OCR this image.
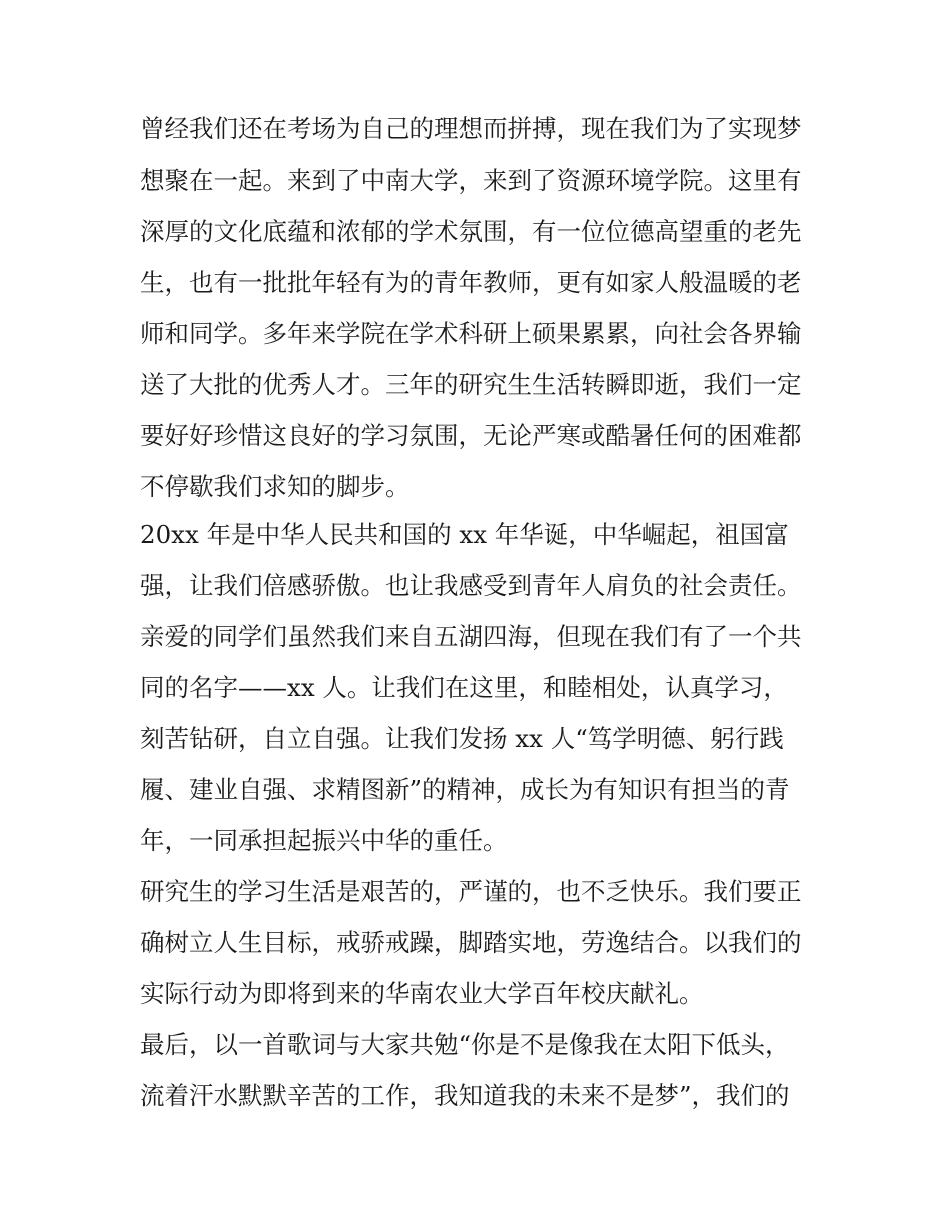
曾经我们还在考场为自己的理想而拼搏，现在我们为了实现梦
想聚在一起。来到了中南大学，来到了资源环境学院。这里有
深厚的文化底蕴和浓郁的学术氛围，有一位位德高望重的老先
生，也有一批批年轻有为的青年教师，更有如家人般温暖的老
师和同学。多年来学院在学术科研上硕果累累，向社会各界输
送了大批的优秀人才。三年的研究生生活转瞬即逝，我们一定
要好好珍惜这良好的学习氛围，无论严寒或酷暑任何的困难都
不停歇我们求知的脚步。
20xx 年是中华人民共和国的 xx 年华诞，中华崛起，祖国富
强，让我们倍感骄傲。也让我感受到青年人肩负的社会责任。
亲爱的同学们虽然我们来自五湖四海，但现在我们有了一个共
同的名字——xx 人。让我们在这里，和睦相处，认真学习，
刻苦钻研，自立自强。让我们发扬 xx 人“笃学明德、躬行践
履、建业自强、求精图新”的精神，成长为有知识有担当的青
年，一同承担起振兴中华的重任。
研究生的学习生活是艰苦的，严谨的，也不乏快乐。我们要正
确树立人生目标，戒骄戒躁，脚踏实地，劳逸结合。以我们的
实际行动为即将到来的华南农业大学百年校庆献礼。
最后，以一首歌词与大家共勉“你是不是像我在太阳下低头，
流着汗水默默辛苦的工作，我知道我的未来不是梦”，我们的
